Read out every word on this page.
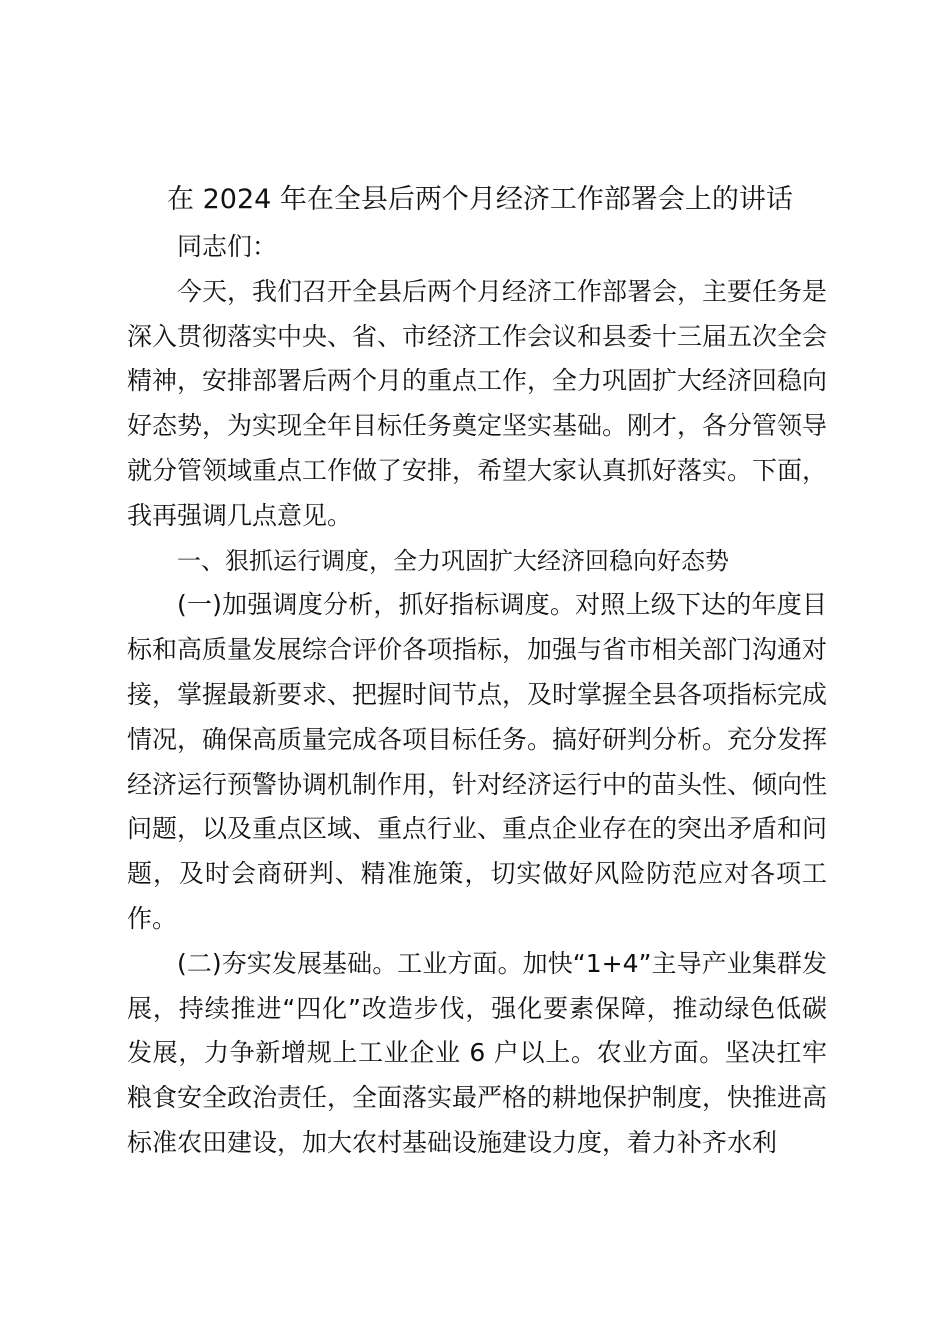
在 2024 年在全县后两个月经济工作部署会上的讲话

同志们：

今天，我们召开全县后两个月经济工作部署会，主要任务是深入贯彻落实中央、省、市经济工作会议和县委十三届五次全会精神，安排部署后两个月的重点工作，全力巩固扩大经济回稳向好态势，为实现全年目标任务奠定坚实基础。刚才，各分管领导就分管领域重点工作做了安排，希望大家认真抓好落实。下面，我再强调几点意见。

一、狠抓运行调度，全力巩固扩大经济回稳向好态势

(一)加强调度分析，抓好指标调度。对照上级下达的年度目标和高质量发展综合评价各项指标，加强与省市相关部门沟通对接，掌握最新要求、把握时间节点，及时掌握全县各项指标完成情况，确保高质量完成各项目标任务。搞好研判分析。充分发挥经济运行预警协调机制作用，针对经济运行中的苗头性、倾向性问题，以及重点区域、重点行业、重点企业存在的突出矛盾和问题，及时会商研判、精准施策，切实做好风险防范应对各项工作。

(二)夯实发展基础。工业方面。加快“1+4”主导产业集群发展，持续推进“四化”改造步伐，强化要素保障，推动绿色低碳发展，力争新增规上工业企业 6 户以上。农业方面。坚决扛牢粮食安全政治责任，全面落实最严格的耕地保护制度，快推进高标准农田建设，加大农村基础设施建设力度，着力补齐水利
